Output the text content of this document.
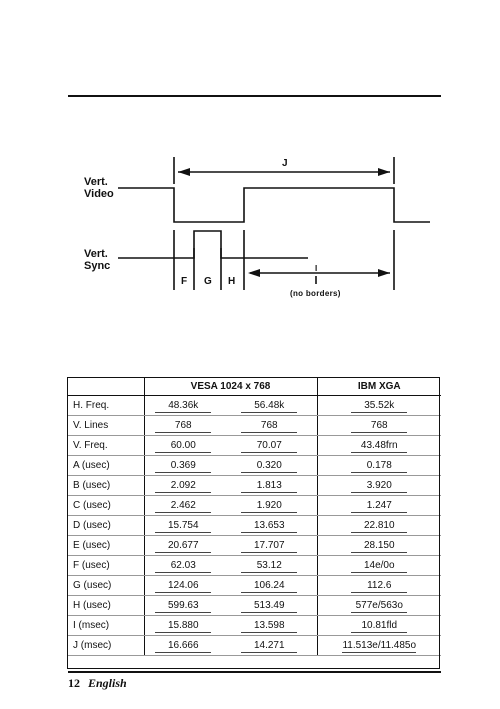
Vert.
Video
Vert.
Sync
J
F G H
I
(no borders)
	VESA 1024 x 768		IBM XGA
H. Freq.	48.36k	56.48k	35.52k
V. Lines	768	768	768
V. Freq.	60.00	70.07	43.48frn
A (usec)	0.369	0.320	0.178
B (usec)	2.092	1.813	3.920
C (usec)	2.462	1.920	1.247
D (usec)	15.754	13.653	22.810
E (usec)	20.677	17.707	28.150
F (usec)	62.03	53.12	14e/0o
G (usec)	124.06	106.24	112.6
H (usec)	599.63	513.49	577e/563o
I (msec)	15.880	13.598	10.81fld
J (msec)	16.666	14.271	11.513e/11.485o
12 English
